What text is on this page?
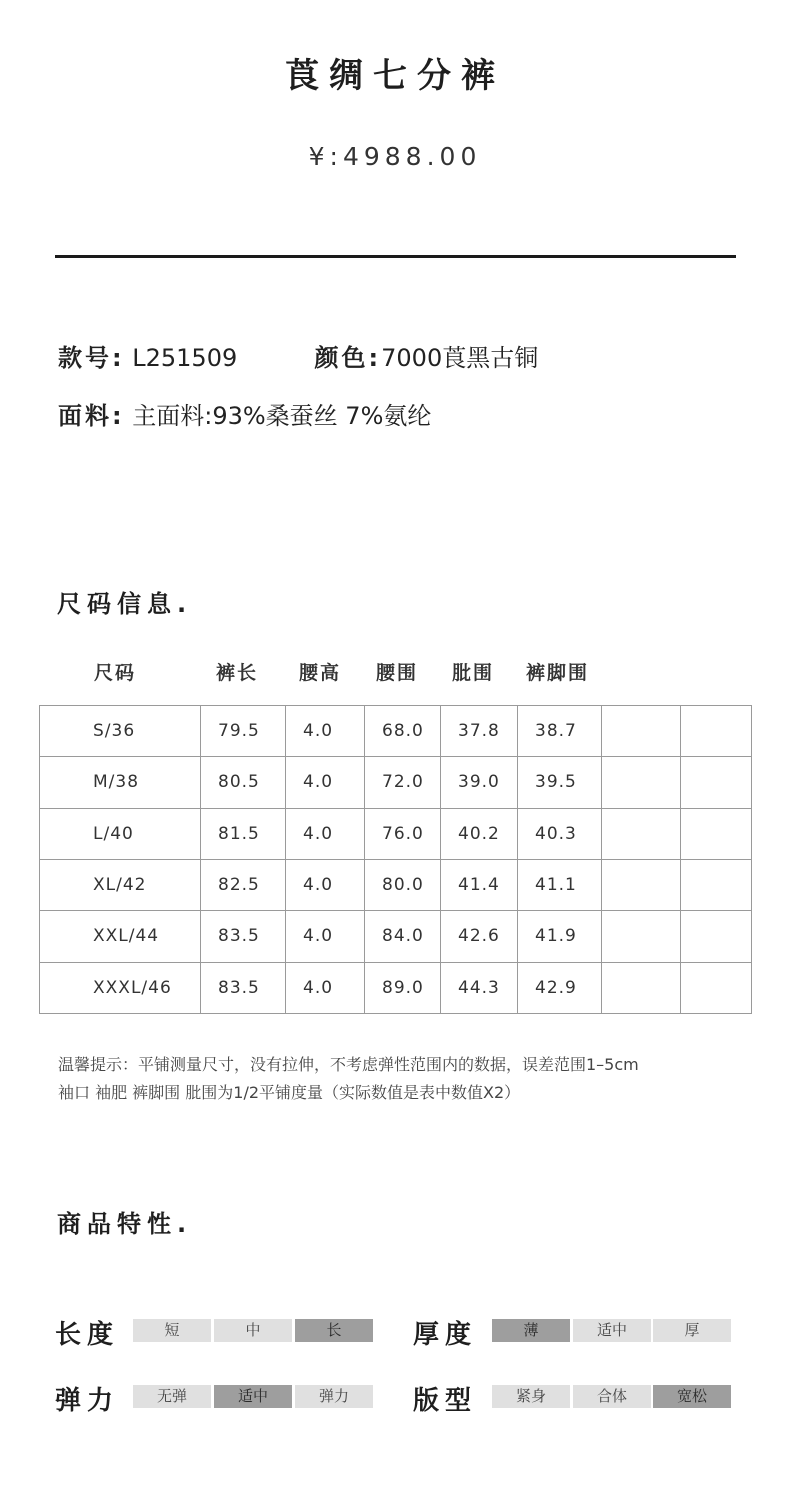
莨绸七分裤
¥:4988.00
款号: L251509	颜色:7000莨黑古铜
面料: 主面料:93%桑蚕丝 7%氨纶
尺码信息.
尺码	裤长 腰高 腰围 肶围 裤脚围
S/36	79.5	4.0	68.0	37.8	38.7		
M/38	80.5	4.0	72.0	39.0	39.5		
L/40	81.5	4.0	76.0	40.2	40.3		
XL/42	82.5	4.0	80.0	41.4	41.1		
XXL/44	83.5	4.0	84.0	42.6	41.9		
XXXL/46	83.5	4.0	89.0	44.3	42.9		
温馨提示：平铺测量尺寸，没有拉伸，不考虑弹性范围内的数据，误差范围1–5cm
袖口 袖肥 裤脚围 肶围为1/2平铺度量（实际数值是表中数值X2）
商品特性.
长度	短	中	长	厚度	薄	适中	厚
弹力	无弹	适中	弹力	版型	紧身	合体	宽松
